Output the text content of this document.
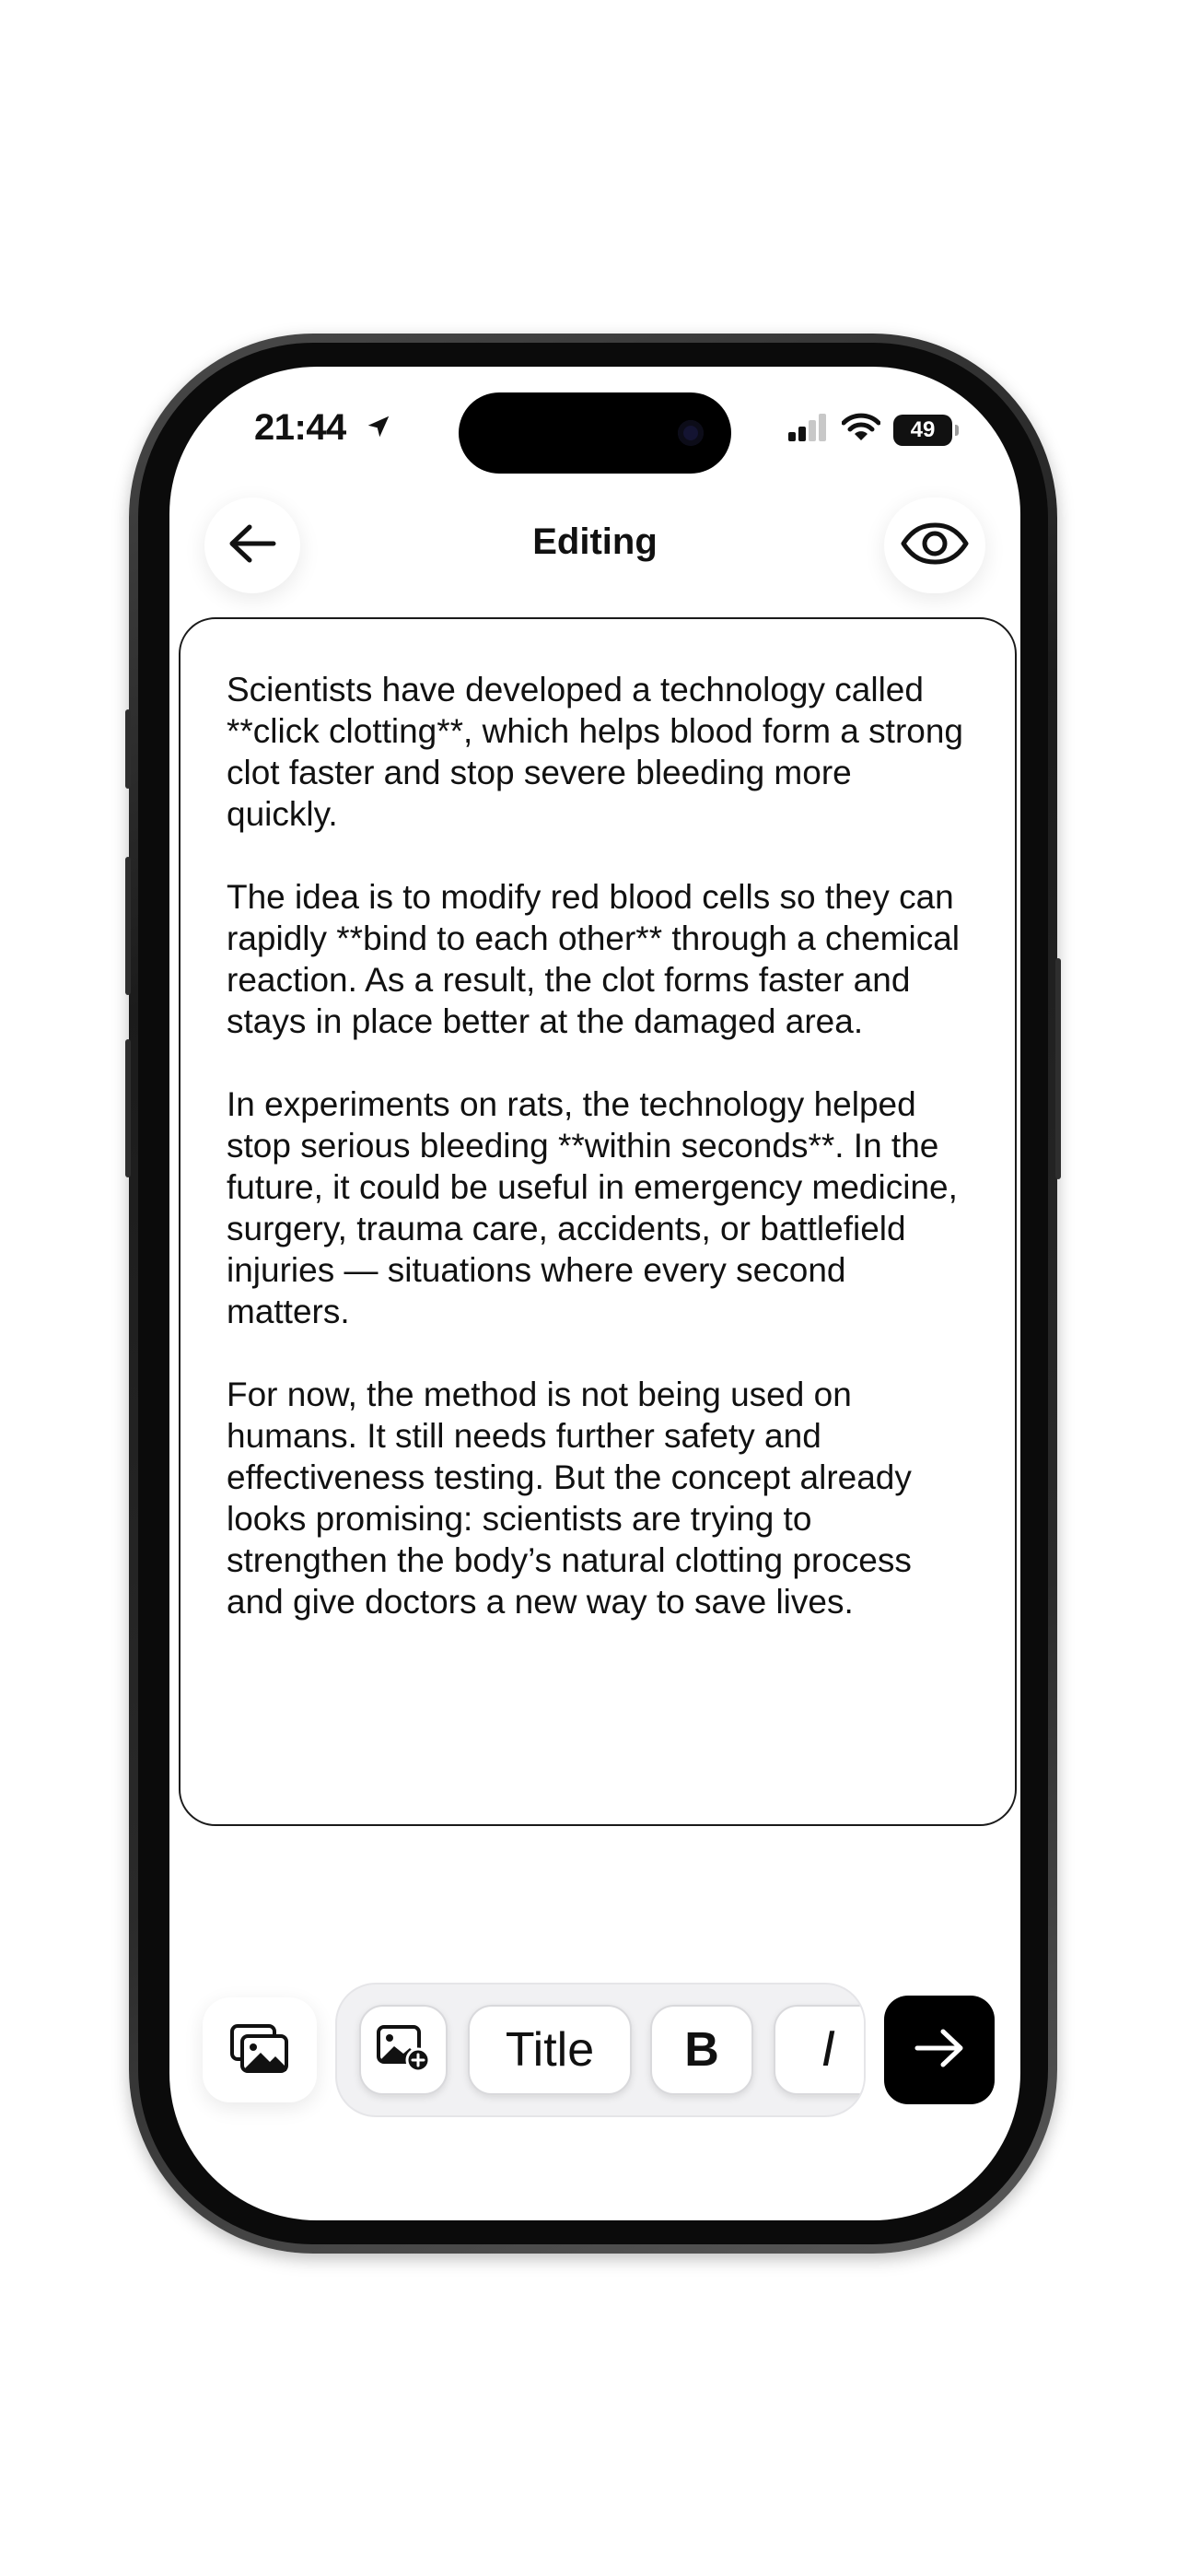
21:44	49
Editing

Scientists have developed a technology called **click clotting**, which helps blood form a strong clot faster and stop severe bleeding more quickly.

The idea is to modify red blood cells so they can rapidly **bind to each other** through a chemical reaction. As a result, the clot forms faster and stays in place better at the damaged area.

In experiments on rats, the technology helped stop serious bleeding **within seconds**. In the future, it could be useful in emergency medicine, surgery, trauma care, accidents, or battlefield injuries — situations where every second matters.

For now, the method is not being used on humans. It still needs further safety and effectiveness testing. But the concept already looks promising: scientists are trying to strengthen the body’s natural clotting process and give doctors a new way to save lives.

Title	B	I
